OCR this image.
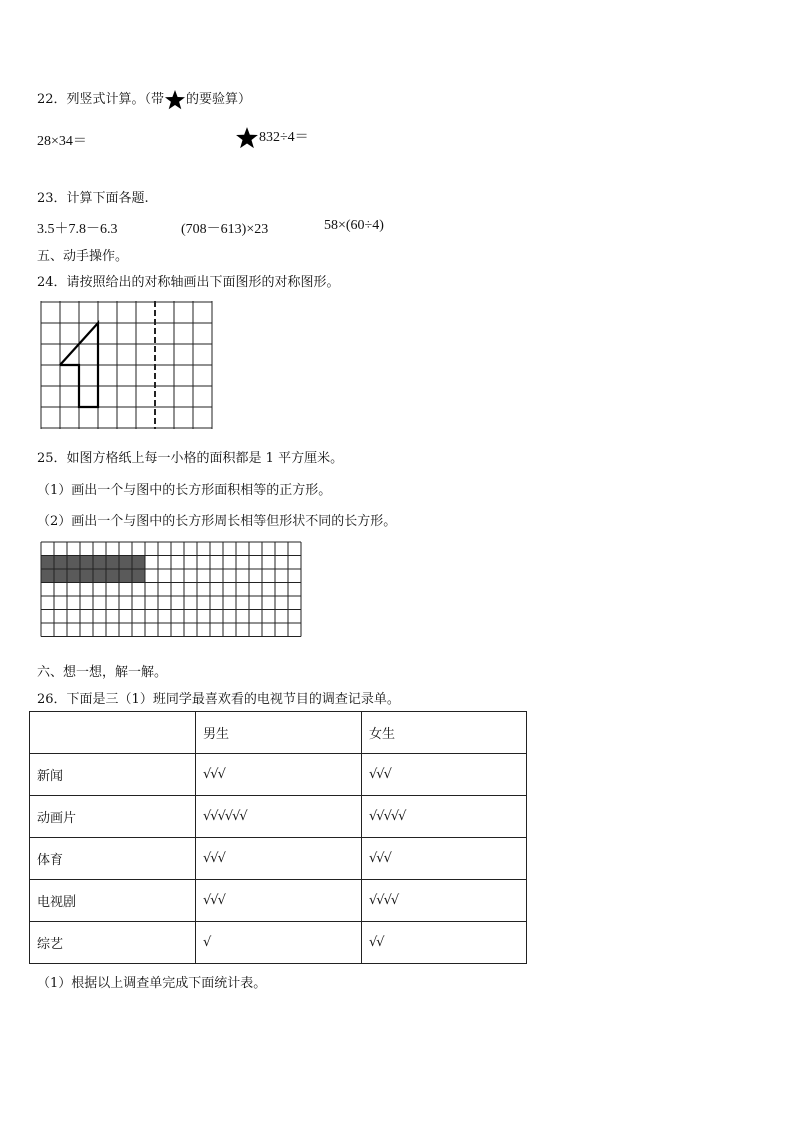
22．列竖式计算。（带 的要验算）
28×34＝	832÷4＝
23．计算下面各题.
3.5＋7.8－6.3	(708－613)×23	58×(60÷4)
五、动手操作。
24．请按照给出的对称轴画出下面图形的对称图形。
25．如图方格纸上每一小格的面积都是 1 平方厘米。
（1）画出一个与图中的长方形面积相等的正方形。
（2）画出一个与图中的长方形周长相等但形状不同的长方形。
六、想一想，解一解。
26．下面是三（1）班同学最喜欢看的电视节目的调查记录单。
	男生	女生
新闻	√√√	√√√
动画片	√√√√√√	√√√√√
体育	√√√	√√√
电视剧	√√√	√√√√
综艺	√	√√
（1）根据以上调查单完成下面统计表。
